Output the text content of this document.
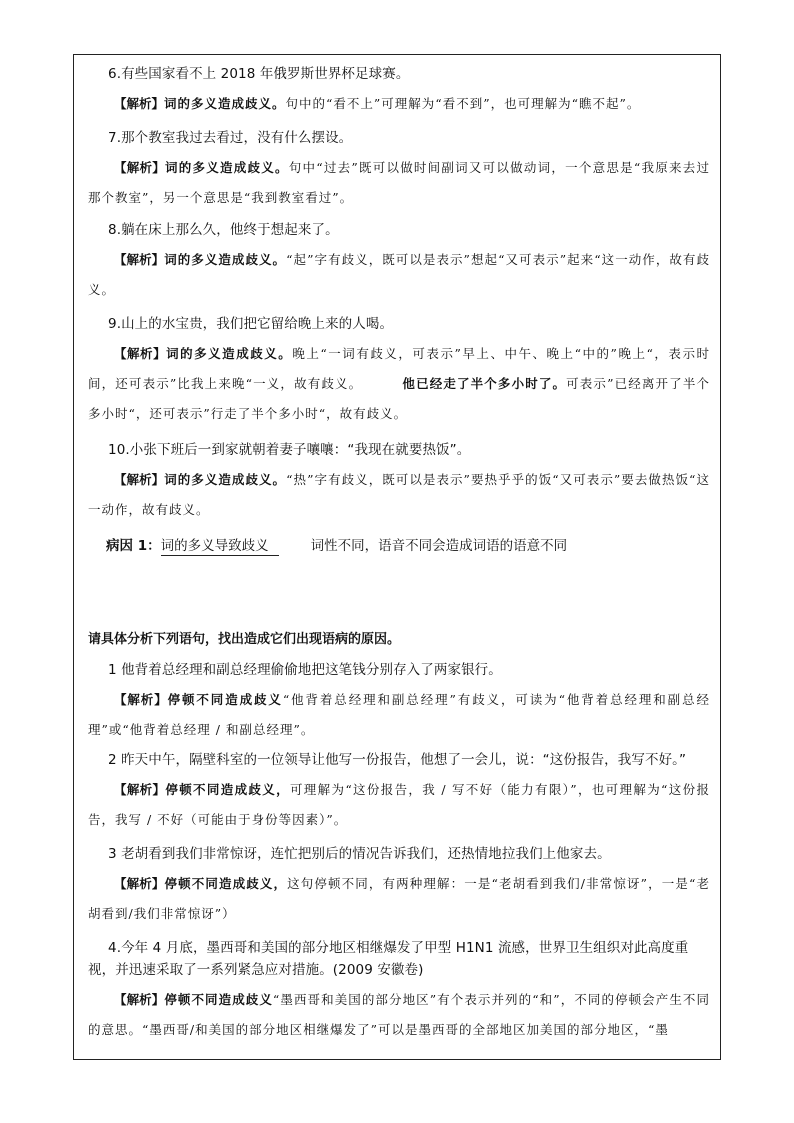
6.有些国家看不上 2018 年俄罗斯世界杯足球赛。

【解析】词的多义造成歧义。句中的“看不上”可理解为“看不到”，也可理解为“瞧不起”。

7.那个教室我过去看过，没有什么摆设。

【解析】词的多义造成歧义。句中“过去”既可以做时间副词又可以做动词，一个意思是“我原来去过那个教室”，另一个意思是“我到教室看过”。

8.躺在床上那么久，他终于想起来了。

【解析】词的多义造成歧义。“起”字有歧义，既可以是表示”想起“又可表示”起来“这一动作，故有歧义。

9.山上的水宝贵，我们把它留给晚上来的人喝。

【解析】词的多义造成歧义。晚上“一词有歧义，可表示”早上、中午、晚上“中的”晚上“，表示时间，还可表示”比我上来晚“一义，故有歧义。	他已经走了半个多小时了。可表示”已经离开了半个多小时“，还可表示”行走了半个多小时“，故有歧义。

10.小张下班后一到家就朝着妻子嚷嚷：“我现在就要热饭”。

【解析】词的多义造成歧义。“热”字有歧义，既可以是表示”要热乎乎的饭“又可表示”要去做热饭“这一动作，故有歧义。

病因 1：词的多义导致歧义	词性不同，语音不同会造成词语的语意不同

请具体分析下列语句，找出造成它们出现语病的原因。

1 他背着总经理和副总经理偷偷地把这笔钱分别存入了两家银行。

【解析】停顿不同造成歧义“他背着总经理和副总经理”有歧义，可读为“他背着总经理和副总经理”或“他背着总经理 / 和副总经理”。

2 昨天中午，隔壁科室的一位领导让他写一份报告，他想了一会儿，说：“这份报告，我写不好。”

【解析】停顿不同造成歧义，可理解为“这份报告，我 / 写不好（能力有限）”，也可理解为“这份报告，我写 / 不好（可能由于身份等因素）”。

3 老胡看到我们非常惊讶，连忙把别后的情况告诉我们，还热情地拉我们上他家去。

【解析】停顿不同造成歧义，这句停顿不同，有两种理解：一是“老胡看到我们/非常惊讶”，一是“老胡看到/我们非常惊讶”）

4.今年 4 月底，墨西哥和美国的部分地区相继爆发了甲型 H1N1 流感，世界卫生组织对此高度重视，并迅速采取了一系列紧急应对措施。(2009 安徽卷)

【解析】停顿不同造成歧义“墨西哥和美国的部分地区”有个表示并列的“和”，不同的停顿会产生不同的意思。“墨西哥/和美国的部分地区相继爆发了”可以是墨西哥的全部地区加美国的部分地区，“墨
